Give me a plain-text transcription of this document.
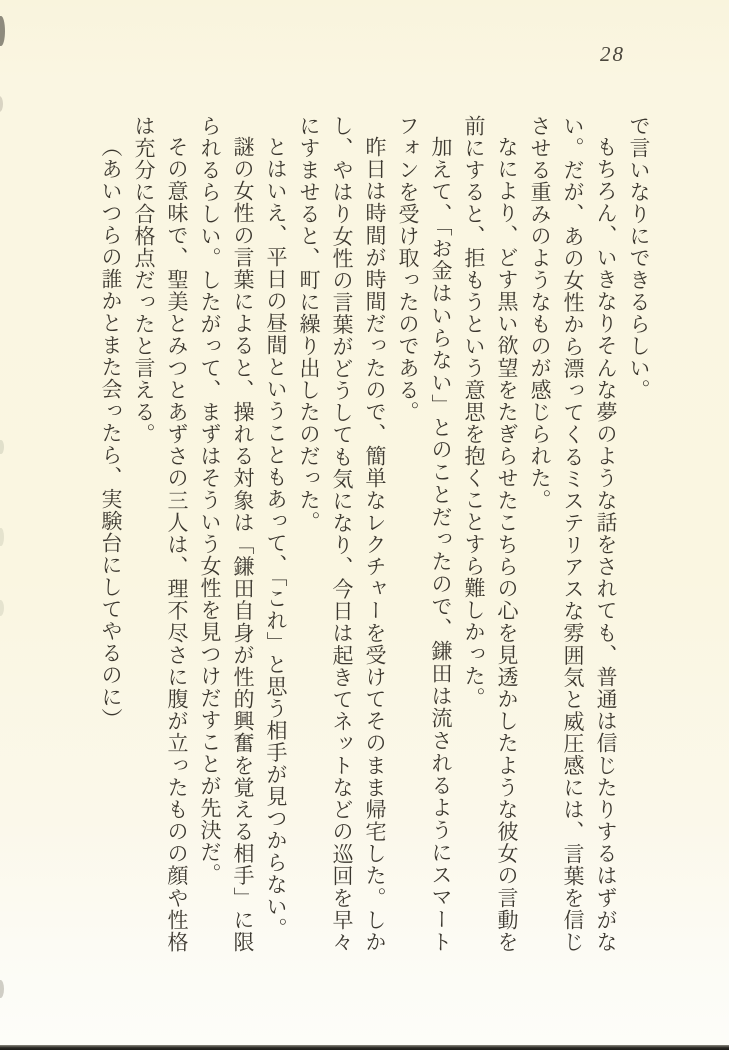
28

で言いなりにできるらしい。

もちろん、いきなりそんな夢のような話をされても、普通は信じたりするはずがない。だが、あの女性から漂ってくるミステリアスな雰囲気と威圧感には、言葉を信じさせる重みのようなものが感じられた。

なにより、どす黒い欲望をたぎらせたこちらの心を見透かしたような彼女の言動を前にすると、拒もうという意思を抱くことすら難しかった。

加えて、「お金はいらない」とのことだったので、鎌田は流されるようにスマートフォンを受け取ったのである。

昨日は時間が時間だったので、簡単なレクチャーを受けてそのまま帰宅した。しかし、やはり女性の言葉がどうしても気になり、今日は起きてネットなどの巡回を早々にすませると、町に繰り出したのだった。

とはいえ、平日の昼間ということもあって、「これ」と思う相手が見つからない。

謎の女性の言葉によると、操れる対象は「鎌田自身が性的興奮を覚える相手」に限られるらしい。したがって、まずはそういう女性を見つけだすことが先決だ。

その意味で、聖美とみつとあずさの三人は、理不尽さに腹が立ったものの顔や性格は充分に合格点だったと言える。

（あいつらの誰かとまた会ったら、実験台にしてやるのに）
